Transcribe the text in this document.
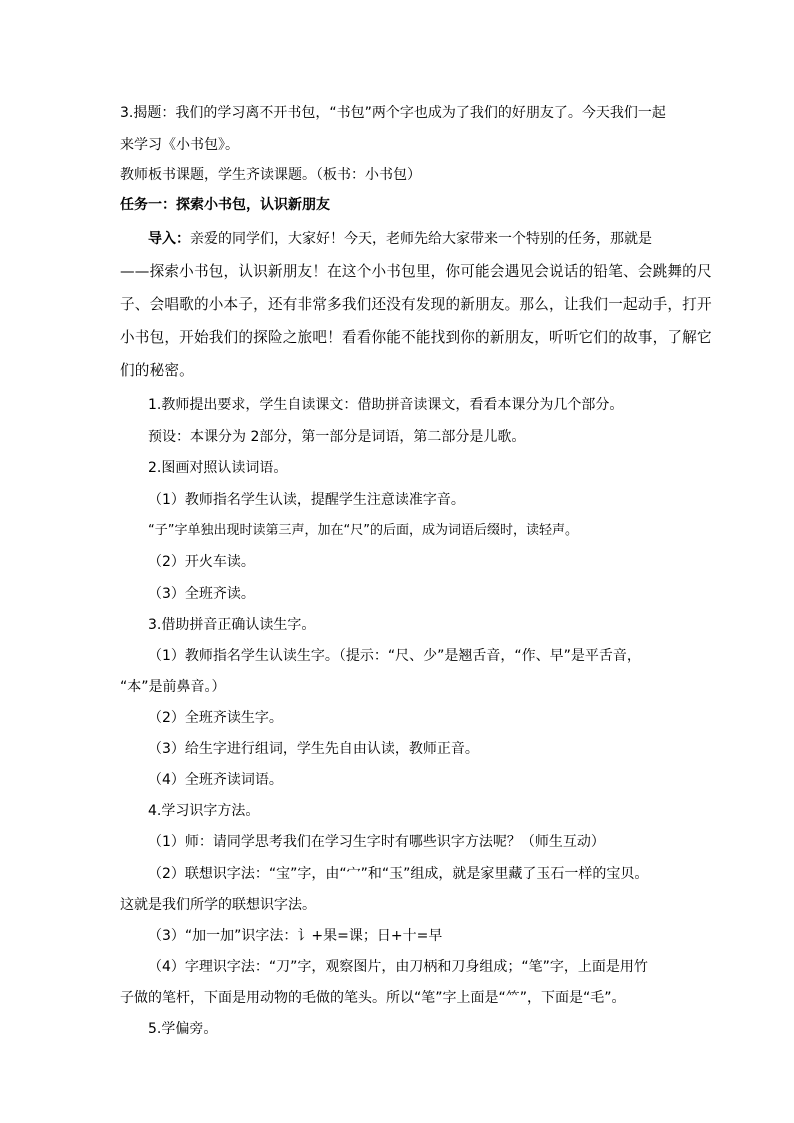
3.揭题：我们的学习离不开书包，“书包”两个字也成为了我们的好朋友了。今天我们一起
来学习《小书包》。
教师板书课题，学生齐读课题。（板书：小书包）
任务一：探索小书包，认识新朋友
导入：亲爱的同学们，大家好！今天，老师先给大家带来一个特别的任务，那就是
——探索小书包，认识新朋友！在这个小书包里，你可能会遇见会说话的铅笔、会跳舞的尺
子、会唱歌的小本子，还有非常多我们还没有发现的新朋友。那么，让我们一起动手，打开
小书包，开始我们的探险之旅吧！看看你能不能找到你的新朋友，听听它们的故事，了解它
们的秘密。
1.教师提出要求，学生自读课文：借助拼音读课文，看看本课分为几个部分。
预设：本课分为 2部分，第一部分是词语，第二部分是儿歌。
2.图画对照认读词语。
（1）教师指名学生认读，提醒学生注意读准字音。
“子”字单独出现时读第三声，加在“尺”的后面，成为词语后缀时，读轻声。
（2）开火车读。
（3）全班齐读。
3.借助拼音正确认读生字。
（1）教师指名学生认读生字。（提示：“尺、少”是翘舌音，“作、早”是平舌音，
“本”是前鼻音。）
（2）全班齐读生字。
（3）给生字进行组词，学生先自由认读，教师正音。
（4）全班齐读词语。
4.学习识字方法。
（1）师：请同学思考我们在学习生字时有哪些识字方法呢？（师生互动）
（2）联想识字法：“宝”字，由“宀”和“玉”组成，就是家里藏了玉石一样的宝贝。
这就是我们所学的联想识字法。
（3）“加一加”识字法：讠+果=课；日+十=早
（4）字理识字法：“刀”字，观察图片，由刀柄和刀身组成；“笔”字，上面是用竹
子做的笔杆，下面是用动物的毛做的笔头。所以“笔”字上面是“⺮”，下面是“毛”。
5.学偏旁。
